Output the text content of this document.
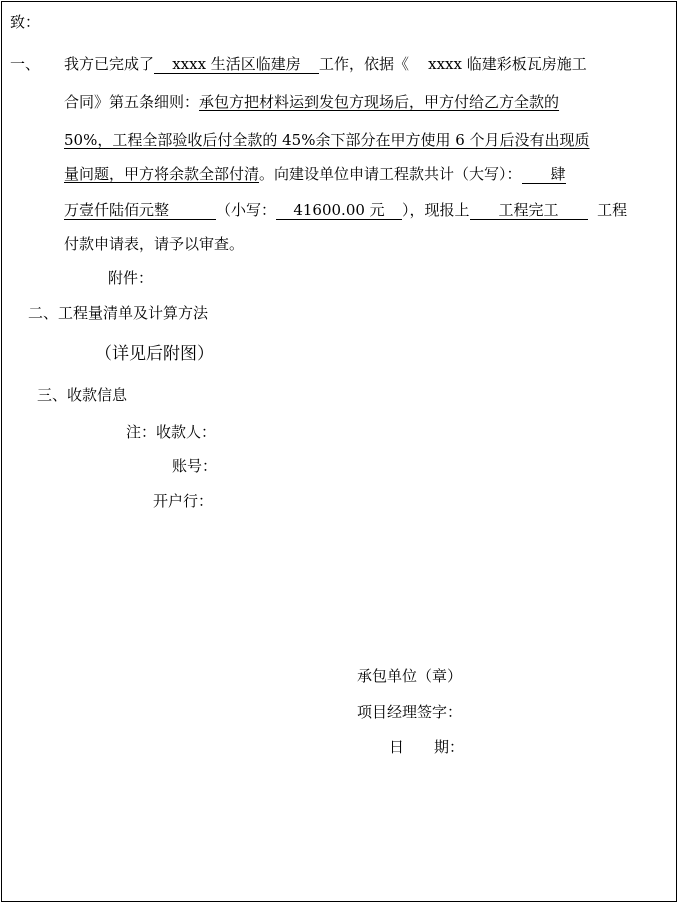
致：
一、 我方已完成了 xxxx 生活区临建房 工作，依据《 xxxx 临建彩板瓦房施工
合同》第五条细则：承包方把材料运到发包方现场后，甲方付给乙方全款的
50%，工程全部验收后付全款的 45%余下部分在甲方使用 6 个月后没有出现质
量问题，甲方将余款全部付清。向建设单位申请工程款共计（大写）： 肆
万壹仟陆佰元整	（小写： 41600.00 元 ），现报上 工程完工	工程
付款申请表，请予以审查。
附件：
二、工程量清单及计算方法
（详见后附图）
三、收款信息
注：收款人：
账号：
开户行：
承包单位（章）
项目经理签字：
日　　期：
